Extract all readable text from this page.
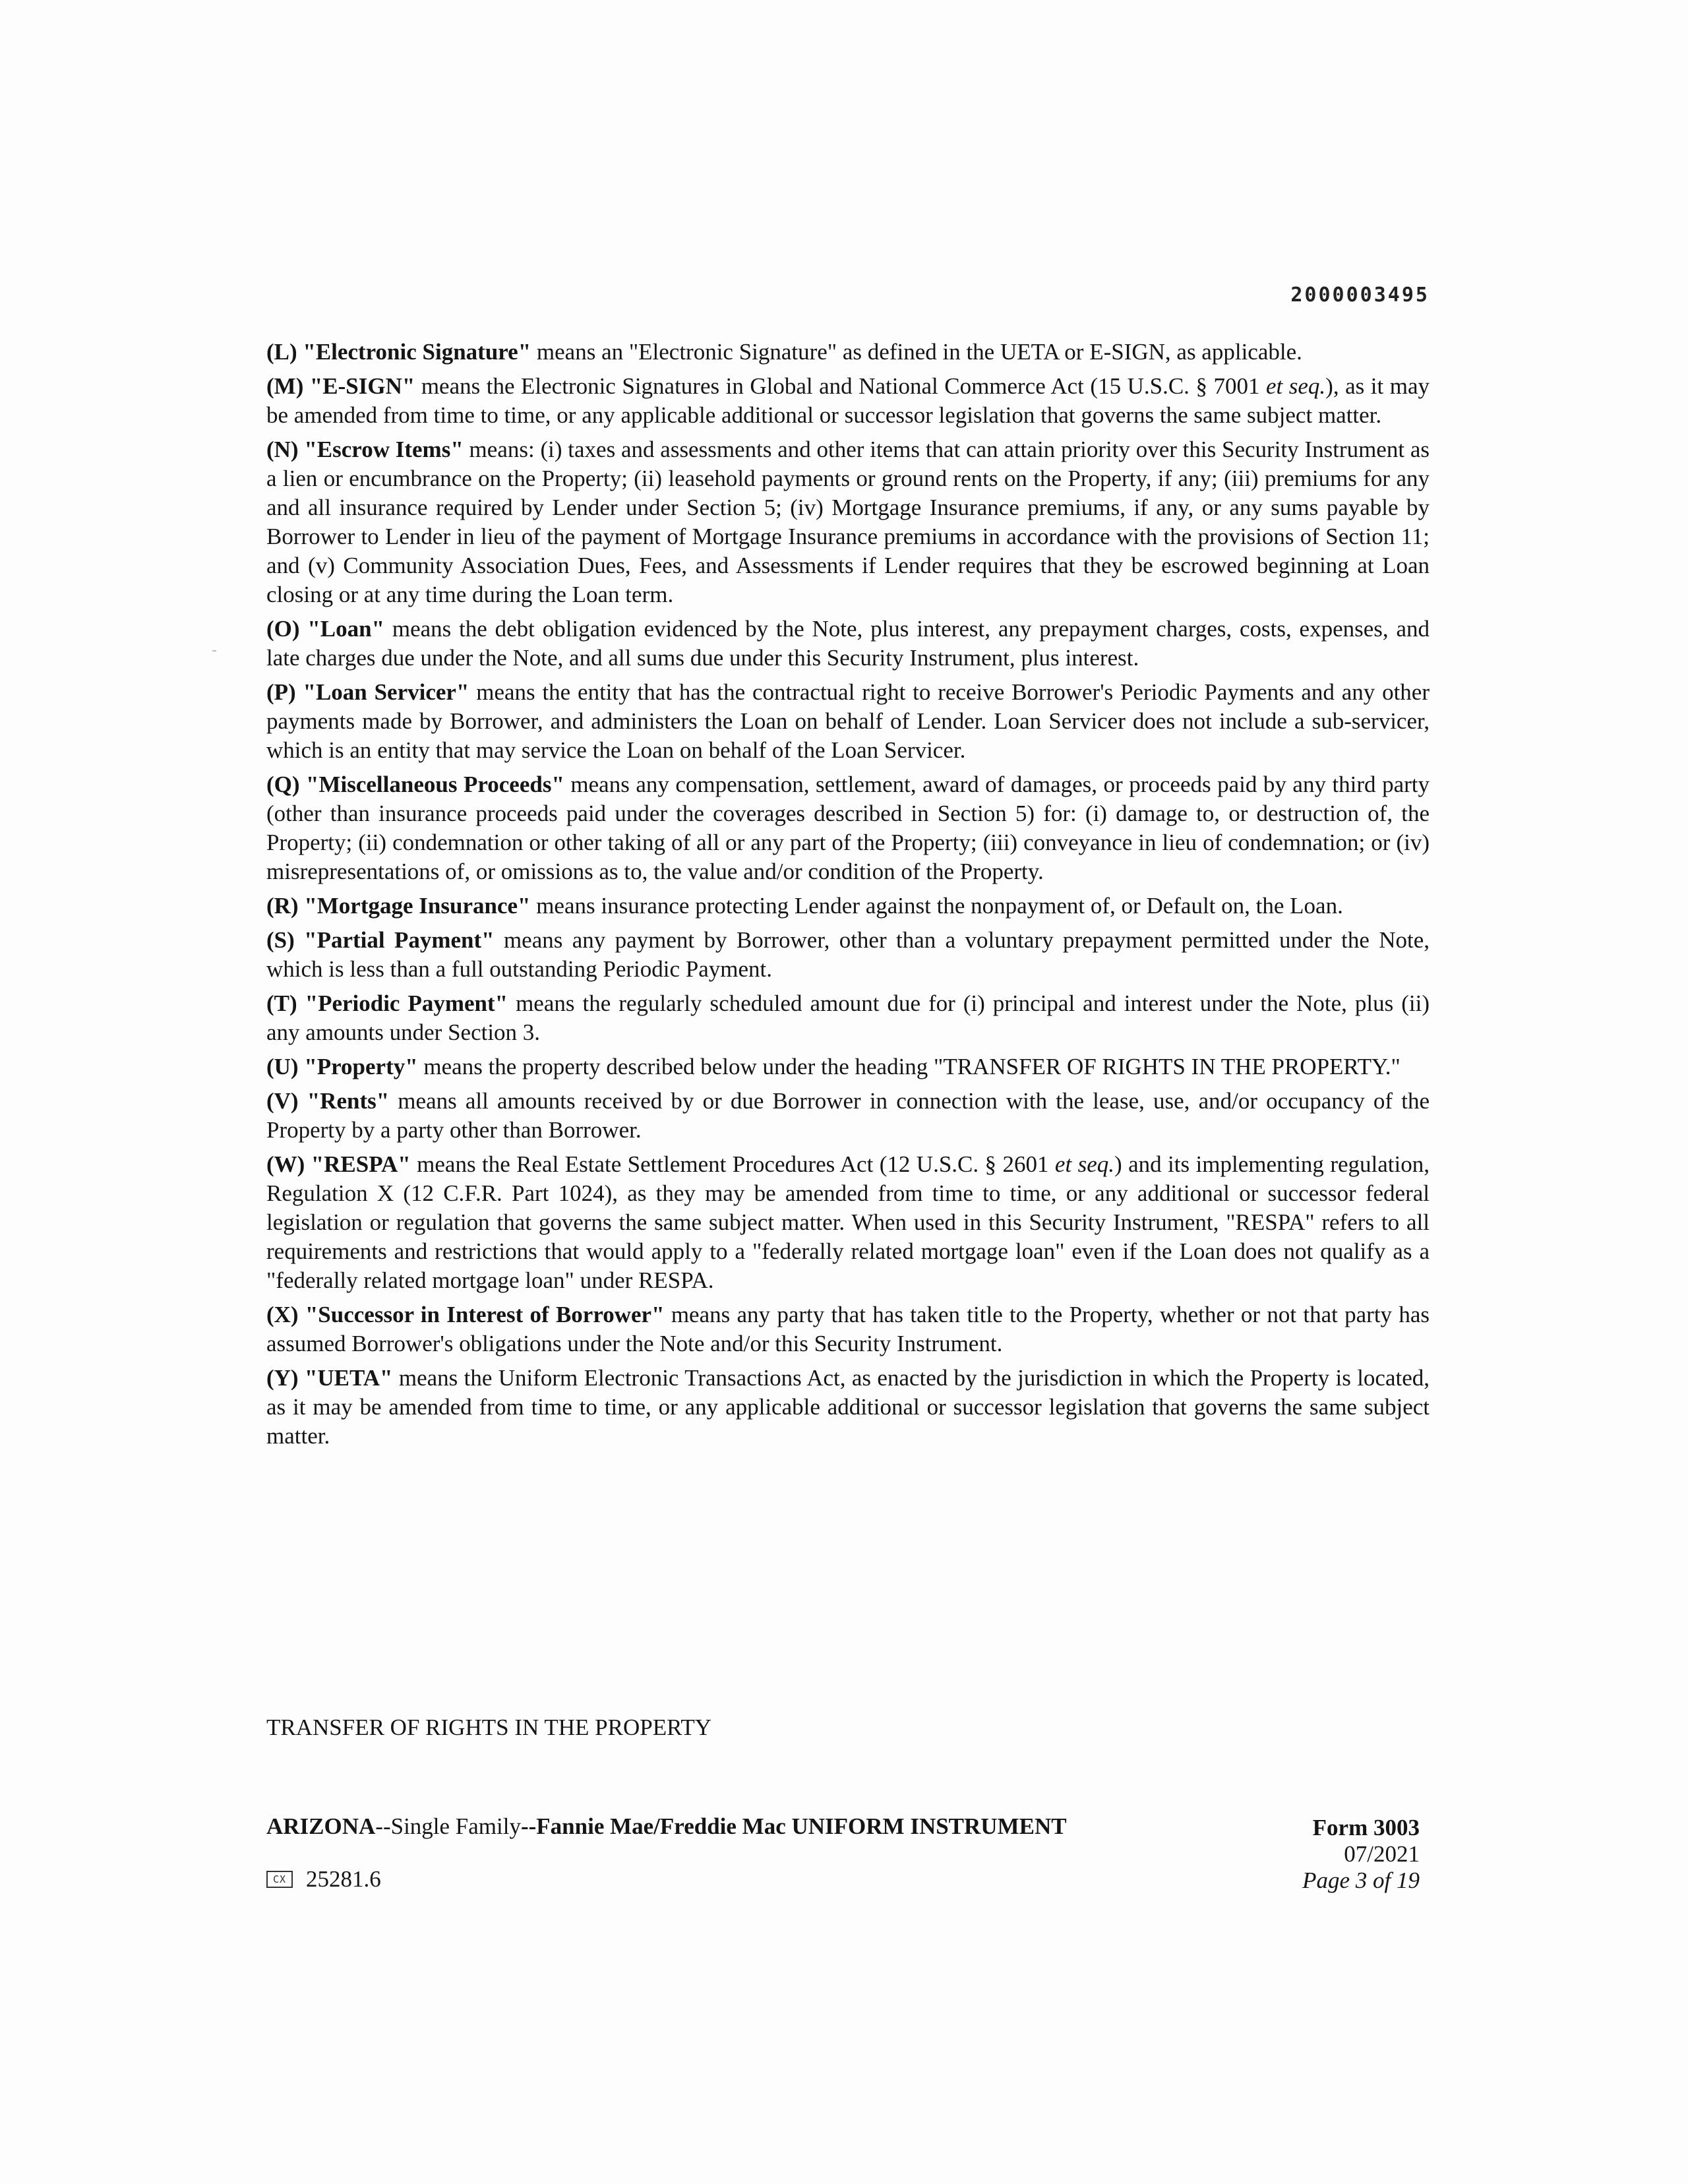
2000003495

(L) "Electronic Signature" means an "Electronic Signature" as defined in the UETA or E-SIGN, as applicable.

(M) "E-SIGN" means the Electronic Signatures in Global and National Commerce Act (15 U.S.C. § 7001 et seq.), as it may be amended from time to time, or any applicable additional or successor legislation that governs the same subject matter.

(N) "Escrow Items" means: (i) taxes and assessments and other items that can attain priority over this Security Instrument as a lien or encumbrance on the Property; (ii) leasehold payments or ground rents on the Property, if any; (iii) premiums for any and all insurance required by Lender under Section 5; (iv) Mortgage Insurance premiums, if any, or any sums payable by Borrower to Lender in lieu of the payment of Mortgage Insurance premiums in accordance with the provisions of Section 11; and (v) Community Association Dues, Fees, and Assessments if Lender requires that they be escrowed beginning at Loan closing or at any time during the Loan term.

(O) "Loan" means the debt obligation evidenced by the Note, plus interest, any prepayment charges, costs, expenses, and late charges due under the Note, and all sums due under this Security Instrument, plus interest.

(P) "Loan Servicer" means the entity that has the contractual right to receive Borrower's Periodic Payments and any other payments made by Borrower, and administers the Loan on behalf of Lender. Loan Servicer does not include a sub-servicer, which is an entity that may service the Loan on behalf of the Loan Servicer.

(Q) "Miscellaneous Proceeds" means any compensation, settlement, award of damages, or proceeds paid by any third party (other than insurance proceeds paid under the coverages described in Section 5) for: (i) damage to, or destruction of, the Property; (ii) condemnation or other taking of all or any part of the Property; (iii) conveyance in lieu of condemnation; or (iv) misrepresentations of, or omissions as to, the value and/or condition of the Property.

(R) "Mortgage Insurance" means insurance protecting Lender against the nonpayment of, or Default on, the Loan.

(S) "Partial Payment" means any payment by Borrower, other than a voluntary prepayment permitted under the Note, which is less than a full outstanding Periodic Payment.

(T) "Periodic Payment" means the regularly scheduled amount due for (i) principal and interest under the Note, plus (ii) any amounts under Section 3.

(U) "Property" means the property described below under the heading "TRANSFER OF RIGHTS IN THE PROPERTY."

(V) "Rents" means all amounts received by or due Borrower in connection with the lease, use, and/or occupancy of the Property by a party other than Borrower.

(W) "RESPA" means the Real Estate Settlement Procedures Act (12 U.S.C. § 2601 et seq.) and its implementing regulation, Regulation X (12 C.F.R. Part 1024), as they may be amended from time to time, or any additional or successor federal legislation or regulation that governs the same subject matter. When used in this Security Instrument, "RESPA" refers to all requirements and restrictions that would apply to a "federally related mortgage loan" even if the Loan does not qualify as a "federally related mortgage loan" under RESPA.

(X) "Successor in Interest of Borrower" means any party that has taken title to the Property, whether or not that party has assumed Borrower's obligations under the Note and/or this Security Instrument.

(Y) "UETA" means the Uniform Electronic Transactions Act, as enacted by the jurisdiction in which the Property is located, as it may be amended from time to time, or any applicable additional or successor legislation that governs the same subject matter.

TRANSFER OF RIGHTS IN THE PROPERTY
ARIZONA--Single Family--Fannie Mae/Freddie Mac UNIFORM INSTRUMENT	Form 3003
07/2021
Page 3 of 19
CX 25281.6
